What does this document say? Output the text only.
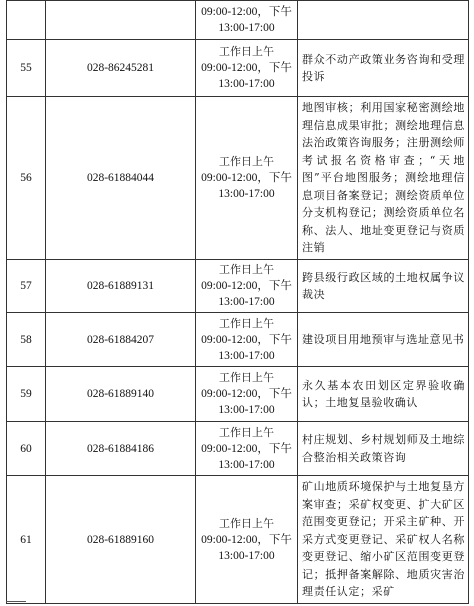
		09:00-12:00，下午
13:00-17:00	

55	028-86245281	工作日上午
09:00-12:00，下午
13:00-17:00	群众不动产政策业务咨询和受理投诉
56	028-61884044	工作日上午
09:00-12:00，下午
13:00-17:00	地图审核；利用国家秘密测绘地理信息成果审批；测绘地理信息法治政策咨询服务；注册测绘师考试报名资格审查；“天地图”平台地图服务；测绘地理信息项目备案登记；测绘资质单位分支机构登记；测绘资质单位名称、法人、地址变更登记与资质注销
57	028-61889131	工作日上午
09:00-12:00，下午
13:00-17:00	跨县级行政区域的土地权属争议裁决
58	028-61884207	工作日上午
09:00-12:00，下午
13:00-17:00	建设项目用地预审与选址意见书
59	028-61889140	工作日上午
09:00-12:00，下午
13:00-17:00	永久基本农田划区定界验收确认；土地复垦验收确认
60	028-61884186	工作日上午
09:00-12:00，下午
13:00-17:00	村庄规划、乡村规划师及土地综合整治相关政策咨询
61	028-61889160	工作日上午
09:00-12:00，下午
13:00-17:00	矿山地质环境保护与土地复垦方案审查；采矿权变更、扩大矿区范围变更登记；开采主矿种、开采方式变更登记、采矿权人名称变更登记、缩小矿区范围变更登记；抵押备案解除、地质灾害治理责任认定；采矿
